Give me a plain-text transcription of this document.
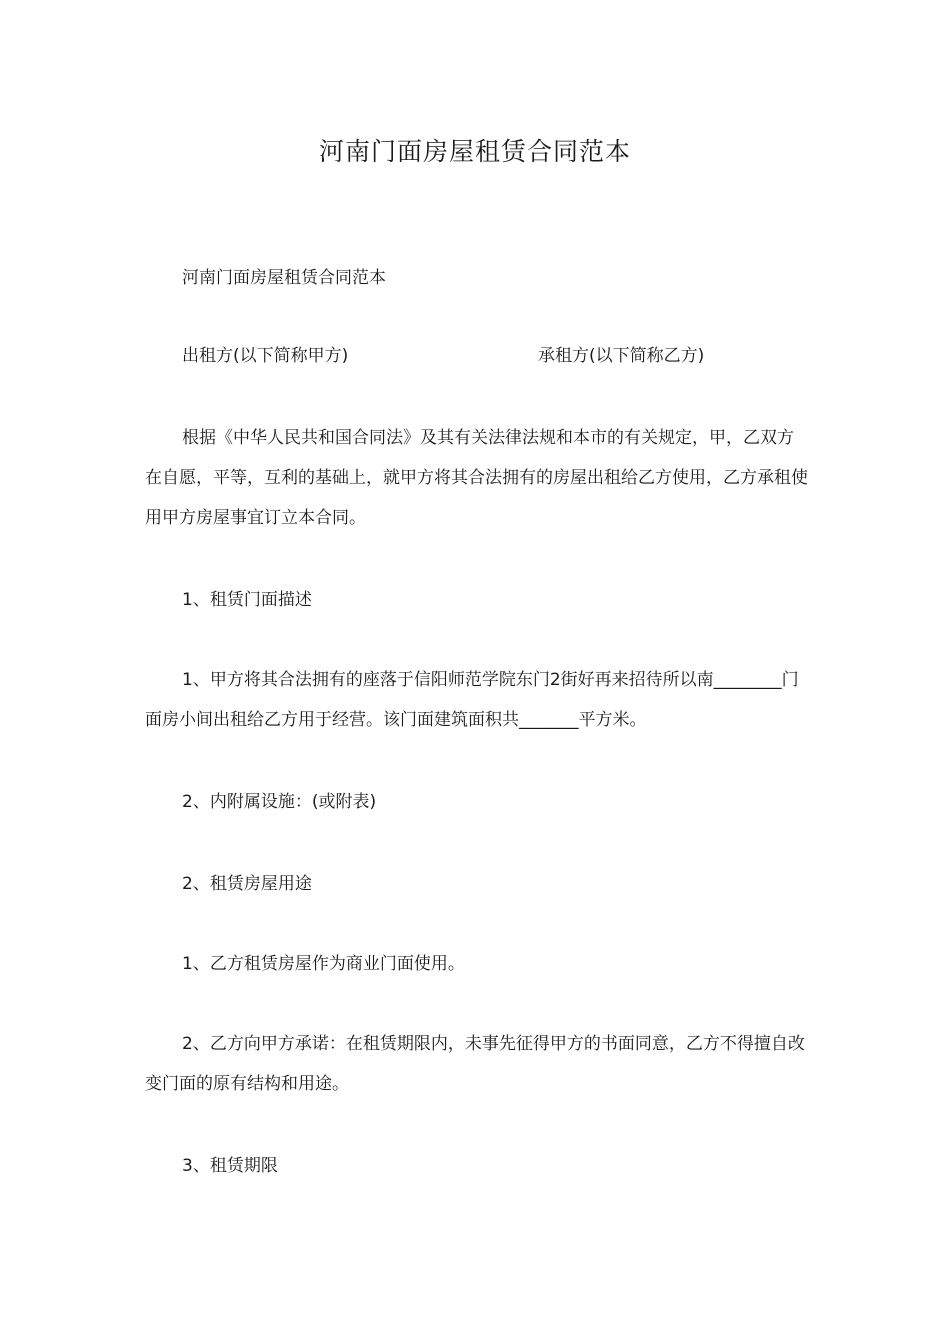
河南门面房屋租赁合同范本
河南门面房屋租赁合同范本
出租方(以下简称甲方)	承租方(以下简称乙方)
根据《中华人民共和国合同法》及其有关法律法规和本市的有关规定，甲，乙双方在自愿，平等，互利的基础上，就甲方将其合法拥有的房屋出租给乙方使用，乙方承租使用甲方房屋事宜订立本合同。
1、租赁门面描述
1、甲方将其合法拥有的座落于信阳师范学院东门2街好再来招待所以南________门面房小间出租给乙方用于经营。该门面建筑面积共_______平方米。
2、内附属设施：(或附表)
2、租赁房屋用途
1、乙方租赁房屋作为商业门面使用。
2、乙方向甲方承诺：在租赁期限内，未事先征得甲方的书面同意，乙方不得擅自改变门面的原有结构和用途。
3、租赁期限
